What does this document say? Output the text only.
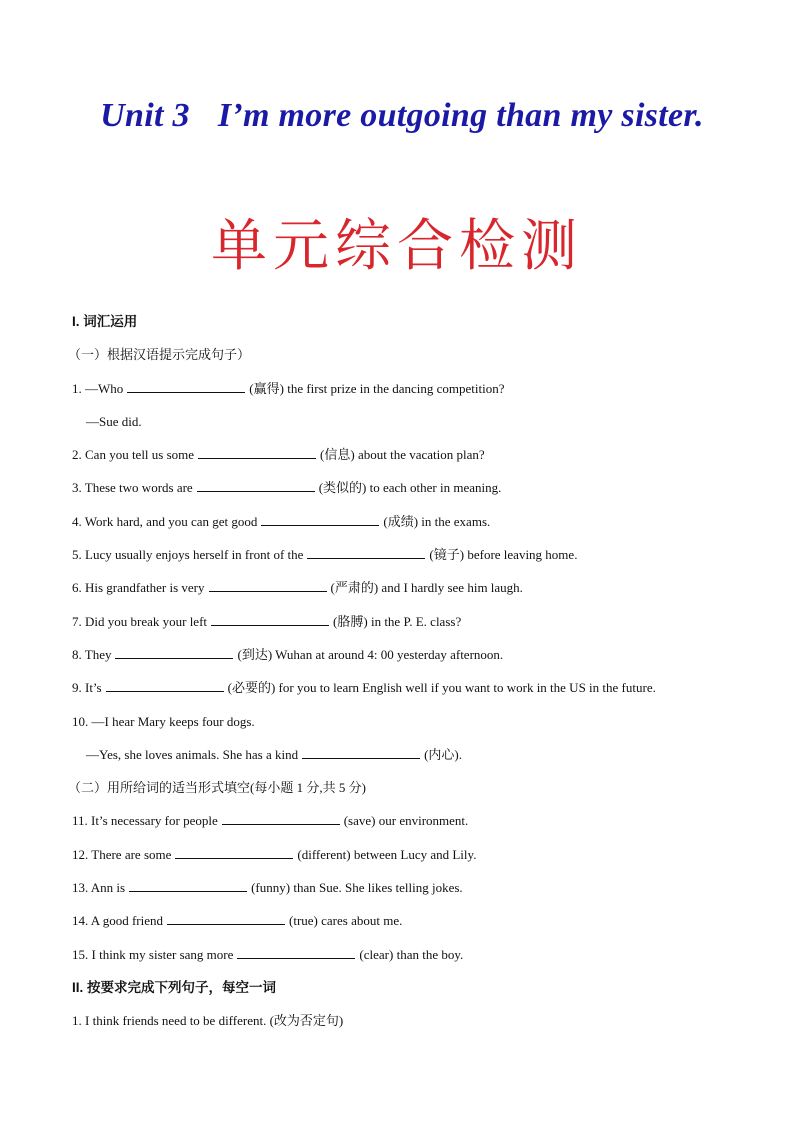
Unit 3 I’m more outgoing than my sister.
单元综合检测
I. 词汇运用
（一）根据汉语提示完成句子）
1. —Who	(赢得) the first prize in the dancing competition?
—Sue did.
2. Can you tell us some	(信息) about the vacation plan?
3. These two words are	(类似的) to each other in meaning.
4. Work hard, and you can get good	(成绩) in the exams.
5. Lucy usually enjoys herself in front of the	(镜子) before leaving home.
6. His grandfather is very	(严肃的) and I hardly see him laugh.
7. Did you break your left	(胳膊) in the P. E. class?
8. They	(到达) Wuhan at around 4: 00 yesterday afternoon.
9. It’s	(必要的) for you to learn English well if you want to work in the US in the future.
10. —I hear Mary keeps four dogs.
—Yes, she loves animals. She has a kind	(内心).
（二）用所给词的适当形式填空(每小题 1 分,共 5 分)
11. It’s necessary for people	(save) our environment.
12. There are some	(different) between Lucy and Lily.
13. Ann is	(funny) than Sue. She likes telling jokes.
14. A good friend	(true) cares about me.
15. I think my sister sang more	(clear) than the boy.
II. 按要求完成下列句子，每空一词
1. I think friends need to be different. (改为否定句)
